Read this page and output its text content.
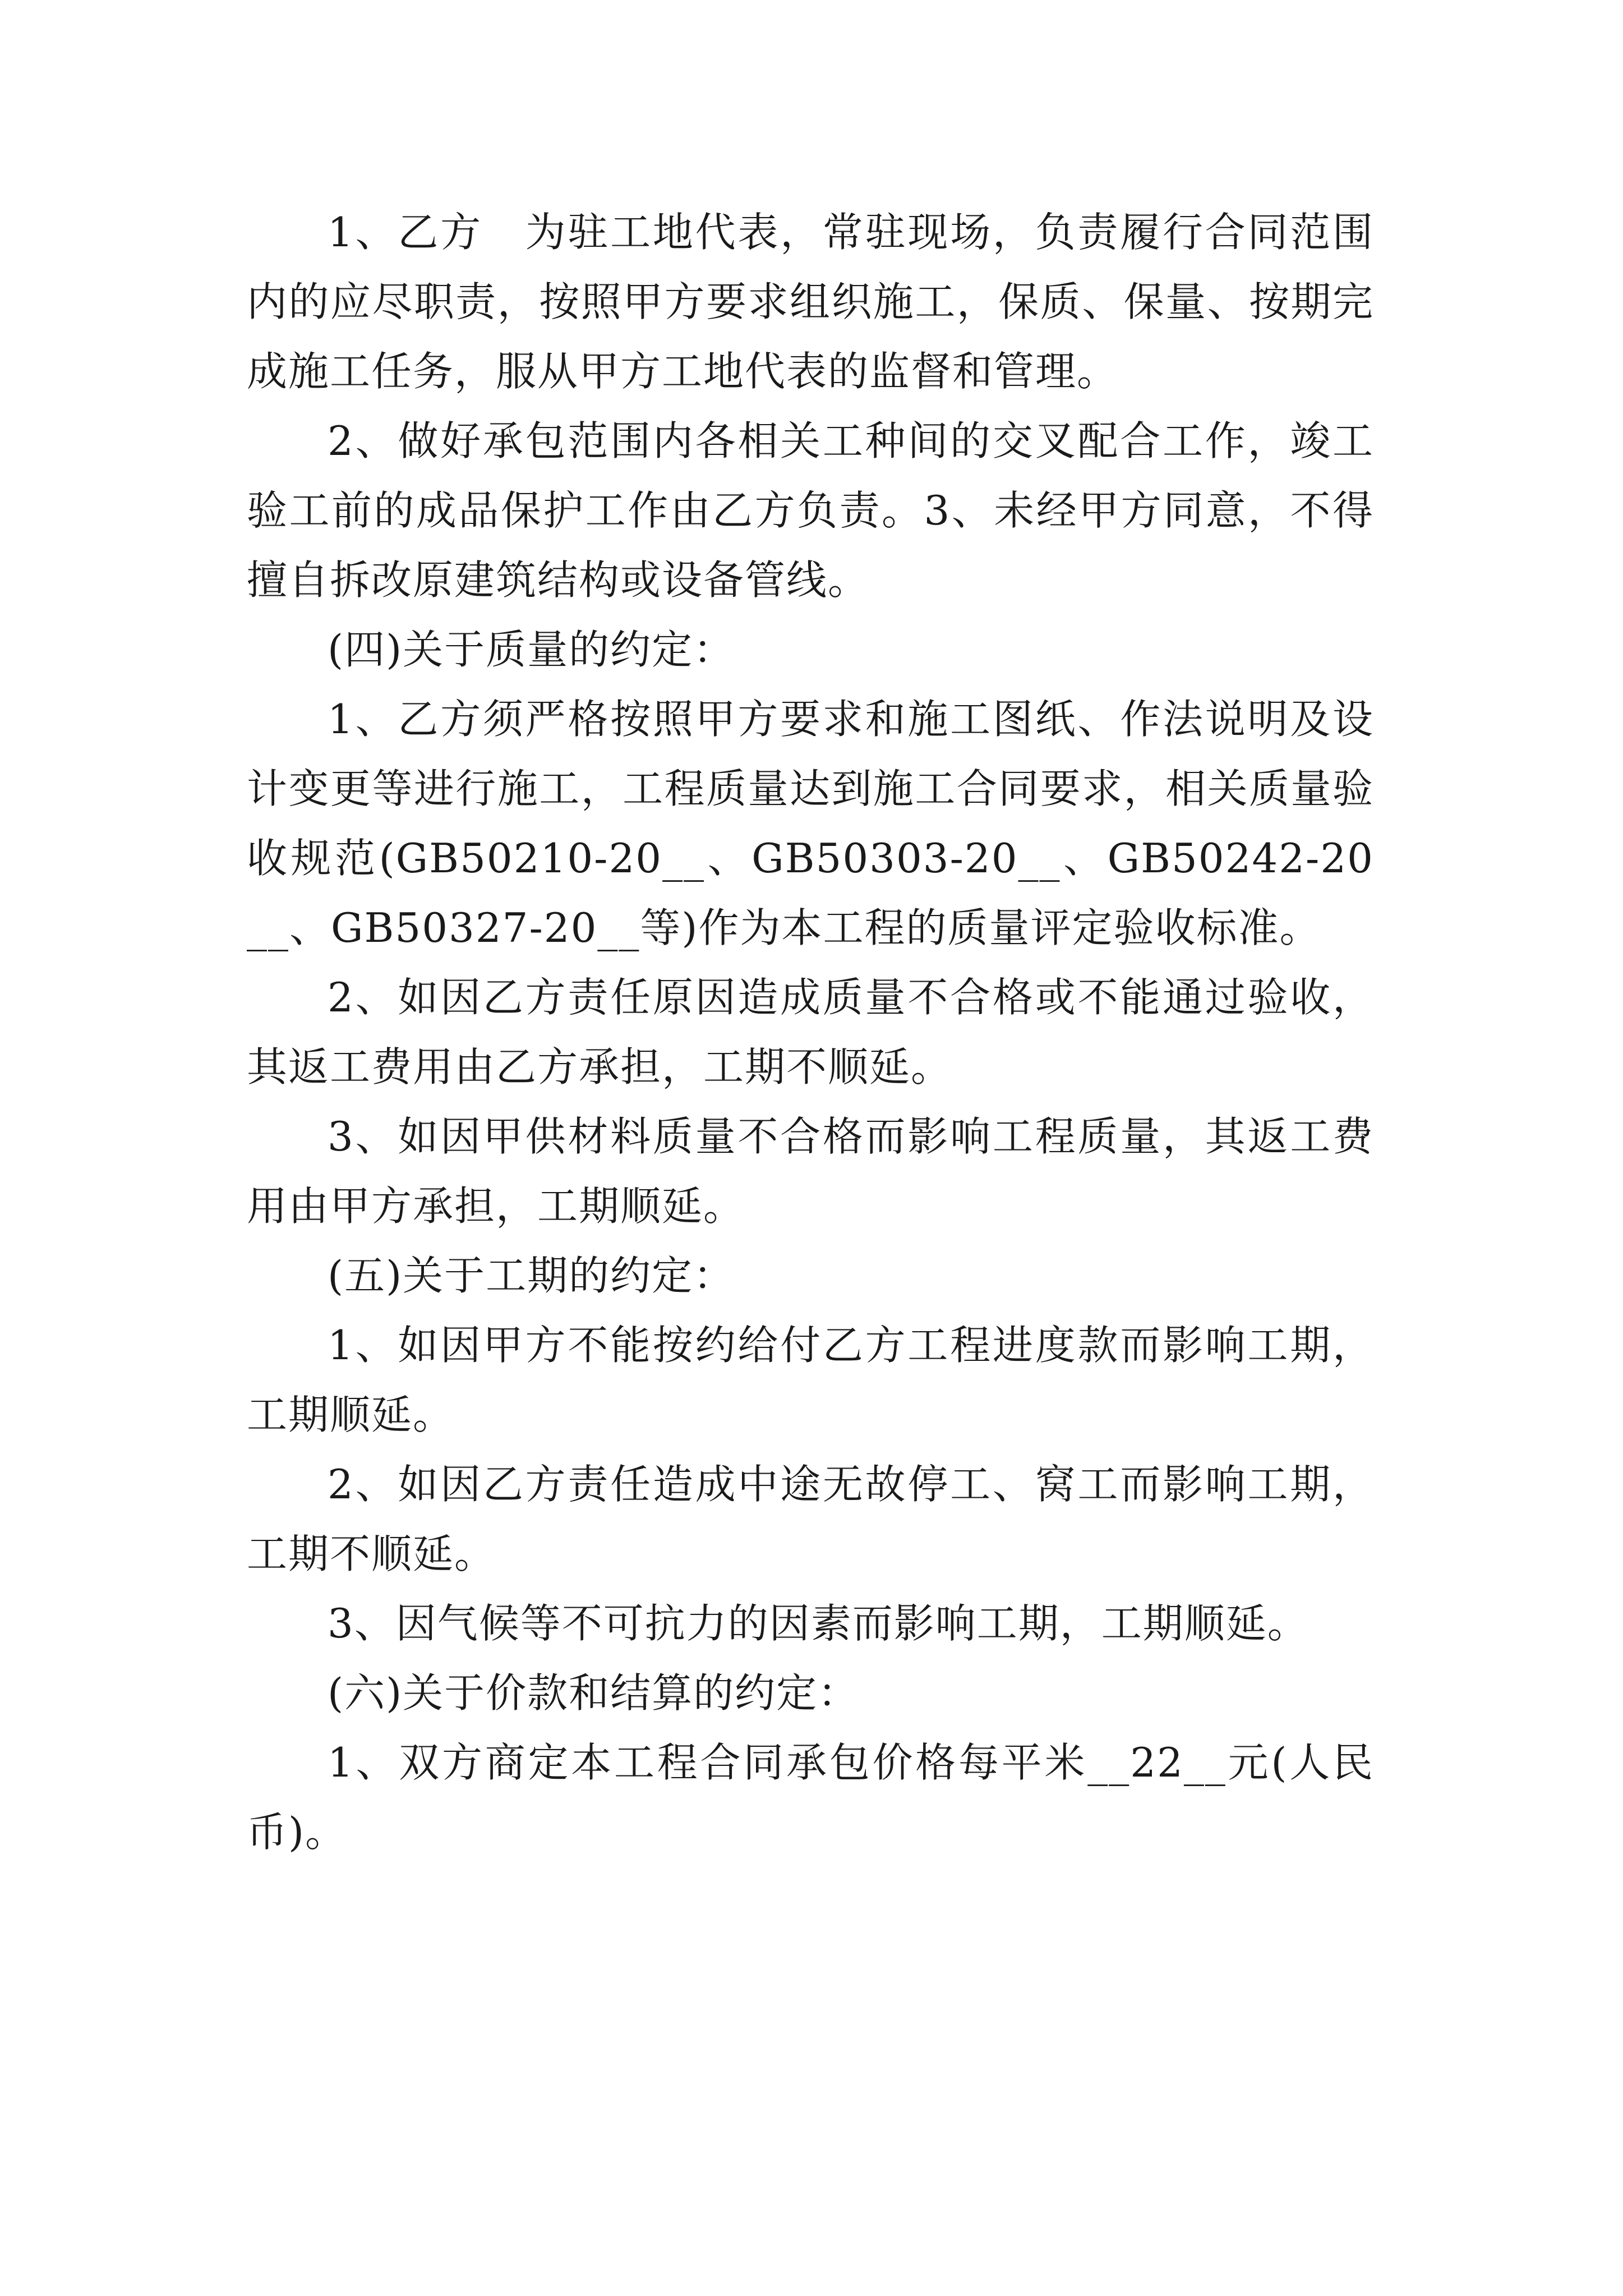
1、乙方　为驻工地代表，常驻现场，负责履行合同范围内的应尽职责，按照甲方要求组织施工，保质、保量、按期完成施工任务，服从甲方工地代表的监督和管理。

2、做好承包范围内各相关工种间的交叉配合工作，竣工验工前的成品保护工作由乙方负责。3、未经甲方同意，不得擅自拆改原建筑结构或设备管线。

(四)关于质量的约定：

1、乙方须严格按照甲方要求和施工图纸、作法说明及设计变更等进行施工，工程质量达到施工合同要求，相关质量验收规范(GB50210-20__、GB50303-20__、GB50242-20__、GB50327-20__等)作为本工程的质量评定验收标准。

2、如因乙方责任原因造成质量不合格或不能通过验收，其返工费用由乙方承担，工期不顺延。

3、如因甲供材料质量不合格而影响工程质量，其返工费用由甲方承担，工期顺延。

(五)关于工期的约定：

1、如因甲方不能按约给付乙方工程进度款而影响工期，工期顺延。

2、如因乙方责任造成中途无故停工、窝工而影响工期，工期不顺延。

3、因气候等不可抗力的因素而影响工期，工期顺延。

(六)关于价款和结算的约定：

1、双方商定本工程合同承包价格每平米__22__元(人民币)。
